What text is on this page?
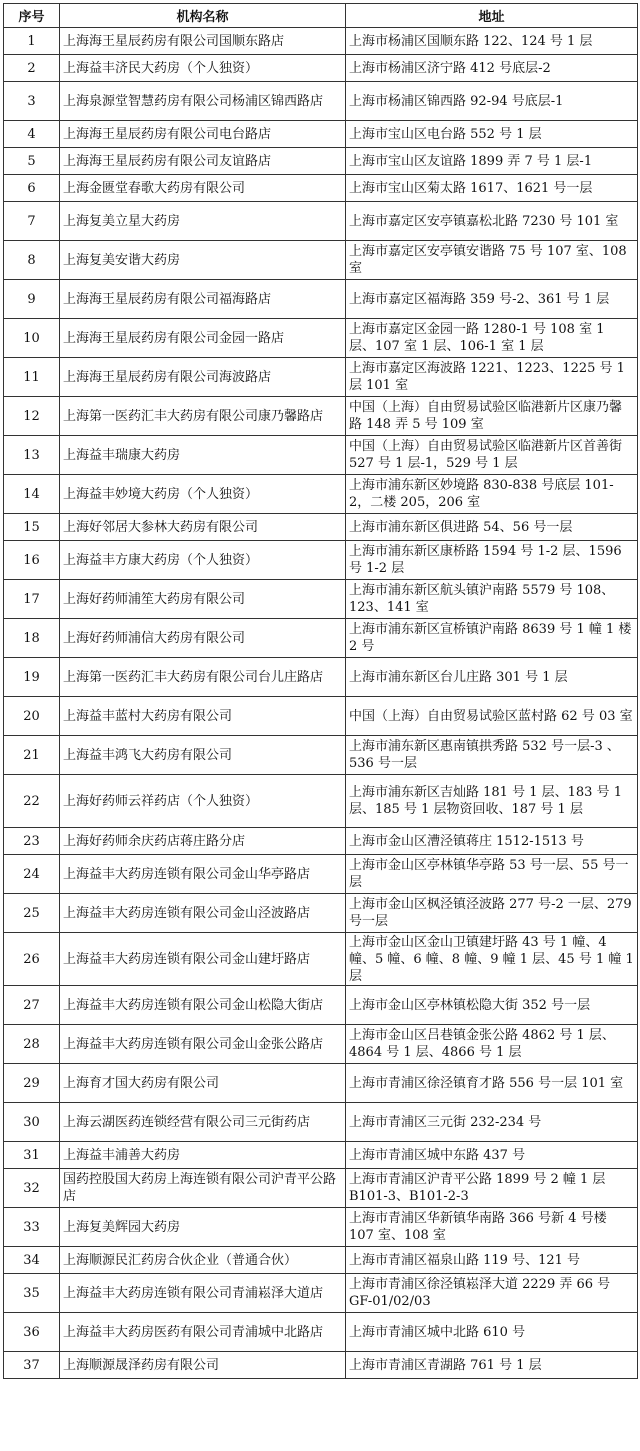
序号	机构名称	地址
1	上海海王星辰药房有限公司国顺东路店	上海市杨浦区国顺东路 122、124 号 1 层
2	上海益丰济民大药房（个人独资）	上海市杨浦区济宁路 412 号底层-2
3	上海泉源堂智慧药房有限公司杨浦区锦西路店	上海市杨浦区锦西路 92-94 号底层-1
4	上海海王星辰药房有限公司电台路店	上海市宝山区电台路 552 号 1 层
5	上海海王星辰药房有限公司友谊路店	上海市宝山区友谊路 1899 弄 7 号 1 层-1
6	上海金匮堂春歌大药房有限公司	上海市宝山区菊太路 1617、1621 号一层
7	上海复美立星大药房	上海市嘉定区安亭镇嘉松北路 7230 号 101 室
8	上海复美安谐大药房	上海市嘉定区安亭镇安谐路 75 号 107 室、108 室
9	上海海王星辰药房有限公司福海路店	上海市嘉定区福海路 359 号-2、361 号 1 层
10	上海海王星辰药房有限公司金园一路店	上海市嘉定区金园一路 1280-1 号 108 室 1 层、107 室 1 层、106-1 室 1 层
11	上海海王星辰药房有限公司海波路店	上海市嘉定区海波路 1221、1223、1225 号 1 层 101 室
12	上海第一医药汇丰大药房有限公司康乃馨路店	中国（上海）自由贸易试验区临港新片区康乃馨路 148 弄 5 号 109 室
13	上海益丰瑞康大药房	中国（上海）自由贸易试验区临港新片区首善街 527 号 1 层-1，529 号 1 层
14	上海益丰妙境大药房（个人独资）	上海市浦东新区妙境路 830-838 号底层 101-2，二楼 205，206 室
15	上海好邻居大参林大药房有限公司	上海市浦东新区俱进路 54、56 号一层
16	上海益丰方康大药房（个人独资）	上海市浦东新区康桥路 1594 号 1-2 层、1596 号 1-2 层
17	上海好药师浦笙大药房有限公司	上海市浦东新区航头镇沪南路 5579 号 108、123、141 室
18	上海好药师浦信大药房有限公司	上海市浦东新区宣桥镇沪南路 8639 号 1 幢 1 楼 2 号
19	上海第一医药汇丰大药房有限公司台儿庄路店	上海市浦东新区台儿庄路 301 号 1 层
20	上海益丰蓝村大药房有限公司	中国（上海）自由贸易试验区蓝村路 62 号 03 室
21	上海益丰鸿飞大药房有限公司	上海市浦东新区惠南镇拱秀路 532 号一层-3 、536 号一层
22	上海好药师云祥药店（个人独资）	上海市浦东新区吉灿路 181 号 1 层、183 号 1 层、185 号 1 层物资回收、187 号 1 层
23	上海好药师余庆药店蒋庄路分店	上海市金山区漕泾镇蒋庄 1512-1513 号
24	上海益丰大药房连锁有限公司金山华亭路店	上海市金山区亭林镇华亭路 53 号一层、55 号一层
25	上海益丰大药房连锁有限公司金山泾波路店	上海市金山区枫泾镇泾波路 277 号-2 一层、279 号一层
26	上海益丰大药房连锁有限公司金山建圩路店	上海市金山区金山卫镇建圩路 43 号 1 幢、4 幢、5 幢、6 幢、8 幢、9 幢 1 层、45 号 1 幢 1 层
27	上海益丰大药房连锁有限公司金山松隐大街店	上海市金山区亭林镇松隐大街 352 号一层
28	上海益丰大药房连锁有限公司金山金张公路店	上海市金山区吕巷镇金张公路 4862 号 1 层、4864 号 1 层、4866 号 1 层
29	上海育才国大药房有限公司	上海市青浦区徐泾镇育才路 556 号一层 101 室
30	上海云湖医药连锁经营有限公司三元街药店	上海市青浦区三元街 232-234 号
31	上海益丰浦善大药房	上海市青浦区城中东路 437 号
32	国药控股国大药房上海连锁有限公司沪青平公路店	上海市青浦区沪青平公路 1899 号 2 幢 1 层 B101-3、B101-2-3
33	上海复美辉园大药房	上海市青浦区华新镇华南路 366 号新 4 号楼 107 室、108 室
34	上海顺源民汇药房合伙企业（普通合伙）	上海市青浦区福泉山路 119 号、121 号
35	上海益丰大药房连锁有限公司青浦崧泽大道店	上海市青浦区徐泾镇崧泽大道 2229 弄 66 号 GF-01/02/03
36	上海益丰大药房医药有限公司青浦城中北路店	上海市青浦区城中北路 610 号
37	上海顺源晟泽药房有限公司	上海市青浦区青湖路 761 号 1 层
